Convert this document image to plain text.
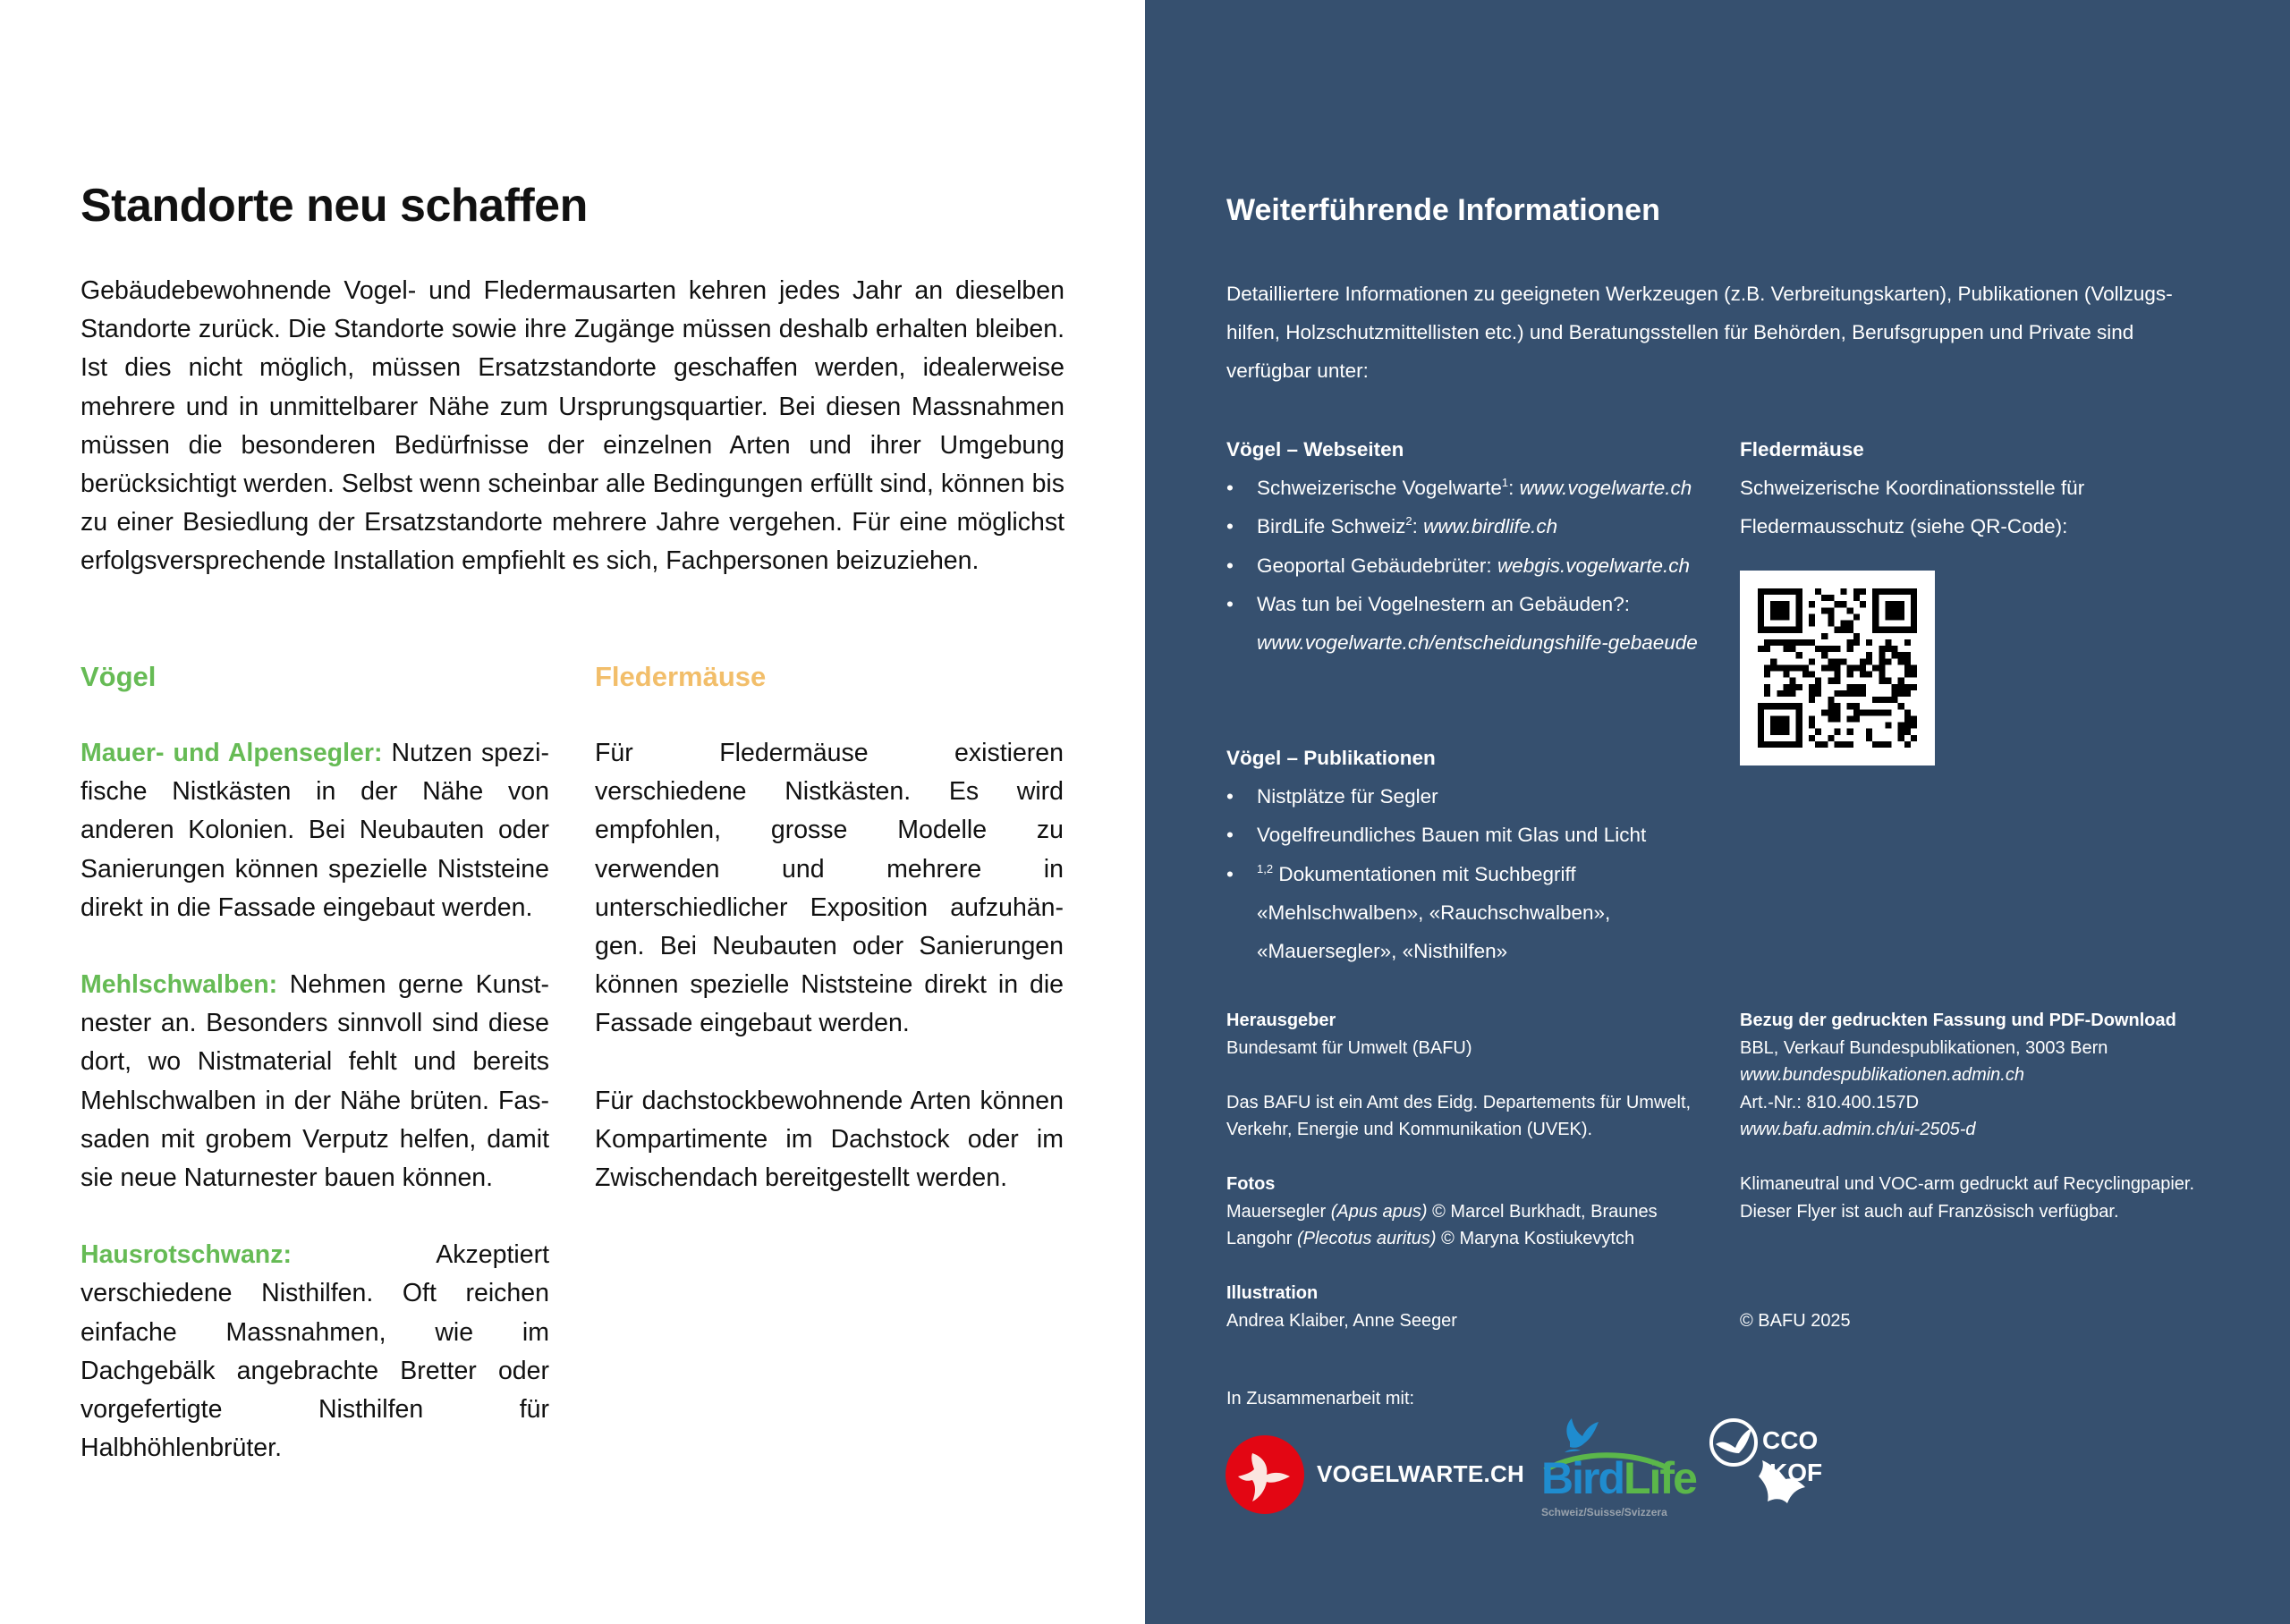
Standorte neu schaffen

Gebäudebewohnende Vogel- und Fledermausarten kehren jedes Jahr an dieselben Standorte zurück. Die Standorte sowie ihre Zugänge müssen deshalb erhalten bleiben. Ist dies nicht möglich, müssen Ersatzstandorte geschaffen werden, idealerweise mehrere und in unmittelbarer Nähe zum Ursprungsquartier. Bei diesen Massnahmen müssen die besonderen Bedürfnisse der einzelnen Arten und ihrer Umgebung berücksichtigt werden. Selbst wenn scheinbar alle Bedingungen erfüllt sind, können bis zu einer Besiedlung der Ersatzstandorte mehrere Jahre vergehen. Für eine möglichst erfolgsversprechende Installation empfiehlt es sich, Fachpersonen beizuziehen.

Vögel

Mauer- und Alpensegler: Nutzen spezifische Nistkästen in der Nähe von anderen Kolonien. Bei Neubauten oder Sanierungen können spezielle Niststeine direkt in die Fassade eingebaut werden.

Mehlschwalben: Nehmen gerne Kunstnester an. Besonders sinnvoll sind diese dort, wo Nistmaterial fehlt und bereits Mehlschwalben in der Nähe brüten. Fassaden mit grobem Verputz helfen, damit sie neue Naturnester bauen können.

Hausrotschwanz: Akzeptiert verschiedene Nisthilfen. Oft reichen einfache Massnahmen, wie im Dachgebälk angebrachte Bretter oder vorgefertigte Nisthilfen für Halbhöhlenbrüter.

Fledermäuse

Für Fledermäuse existieren verschiedene Nistkästen. Es wird empfohlen, grosse Modelle zu verwenden und mehrere in unterschiedlicher Exposition aufzuhängen. Bei Neubauten oder Sanierungen können spezielle Niststeine direkt in die Fassade eingebaut werden.

Für dachstockbewohnende Arten können Kompartimente im Dachstock oder im Zwischendach bereitgestellt werden.

Weiterführende Informationen

Detailliertere Informationen zu geeigneten Werkzeugen (z.B. Verbreitungskarten), Publikationen (Vollzugshilfen, Holzschutzmittellisten etc.) und Beratungsstellen für Behörden, Berufsgruppen und Private sind verfügbar unter:

Vögel – Webseiten
• Schweizerische Vogelwarte$^1$: www.vogelwarte.ch
• BirdLife Schweiz$^2$: www.birdlife.ch
• Geoportal Gebäudebrüter: webgis.vogelwarte.ch
• Was tun bei Vogelnestern an Gebäuden?:
www.vogelwarte.ch/entscheidungshilfe-gebaeude
Vögel – Publikationen
• Nistplätze für Segler
• Vogelfreundliches Bauen mit Glas und Licht
• $^{1,2}$ Dokumentationen mit Suchbegriff «Mehlschwalben», «Rauchschwalben», «Mauersegler», «Nisthilfen»
Fledermäuse
Schweizerische Koordinationsstelle für Fledermausschutz (siehe QR-Code):
Herausgeber

Bundesamt für Umwelt (BAFU)

Das BAFU ist ein Amt des Eidg. Departements für Umwelt, Verkehr, Energie und Kommunikation (UVEK).

Fotos

Mauersegler (Apus apus) © Marcel Burkhadt, Braunes Langohr (Plecotus auritus) © Maryna Kostiukevytch

Illustration

Andrea Klaiber, Anne Seeger

Bezug der gedruckten Fassung und PDF-Download

BBL, Verkauf Bundespublikationen, 3003 Bern

www.bundespublikationen.admin.ch

Art.-Nr.: 810.400.157D

www.bafu.admin.ch/ui-2505-d

Klimaneutral und VOC-arm gedruckt auf Recyclingpapier. Dieser Flyer ist auch auf Französisch verfügbar.

© BAFU 2025

In Zusammenarbeit mit:
VOGELWARTE.CH BirdLife
Schweiz/Suisse/Svizzera
CCO
KOF
